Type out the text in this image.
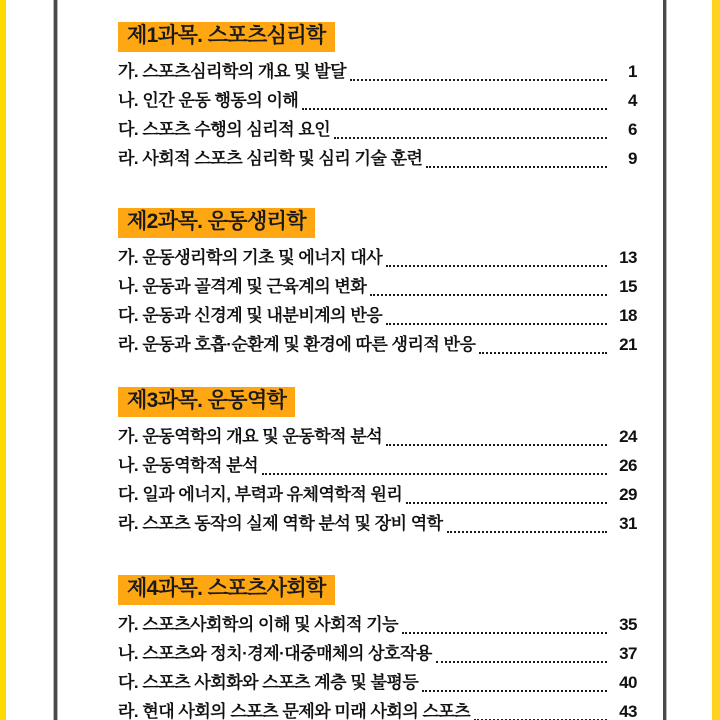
제1과목. 스포츠심리학
가. 스포츠심리학의 개요 및 발달	1
나. 인간 운동 행동의 이해	4
다. 스포츠 수행의 심리적 요인	6
라. 사회적 스포츠 심리학 및 심리 기술 훈련	9
제2과목. 운동생리학
가. 운동생리학의 기초 및 에너지 대사	13
나. 운동과 골격계 및 근육계의 변화	15
다. 운동과 신경계 및 내분비계의 반응	18
라. 운동과 호흡·순환계 및 환경에 따른 생리적 반응	21
제3과목. 운동역학
가. 운동역학의 개요 및 운동학적 분석	24
나. 운동역학적 분석	26
다. 일과 에너지, 부력과 유체역학적 원리	29
라. 스포츠 동작의 실제 역학 분석 및 장비 역학	31
제4과목. 스포츠사회학
가. 스포츠사회학의 이해 및 사회적 기능	35
나. 스포츠와 정치·경제·대중매체의 상호작용	37
다. 스포츠 사회화와 스포츠 계층 및 불평등	40
라. 현대 사회의 스포츠 문제와 미래 사회의 스포츠	43
